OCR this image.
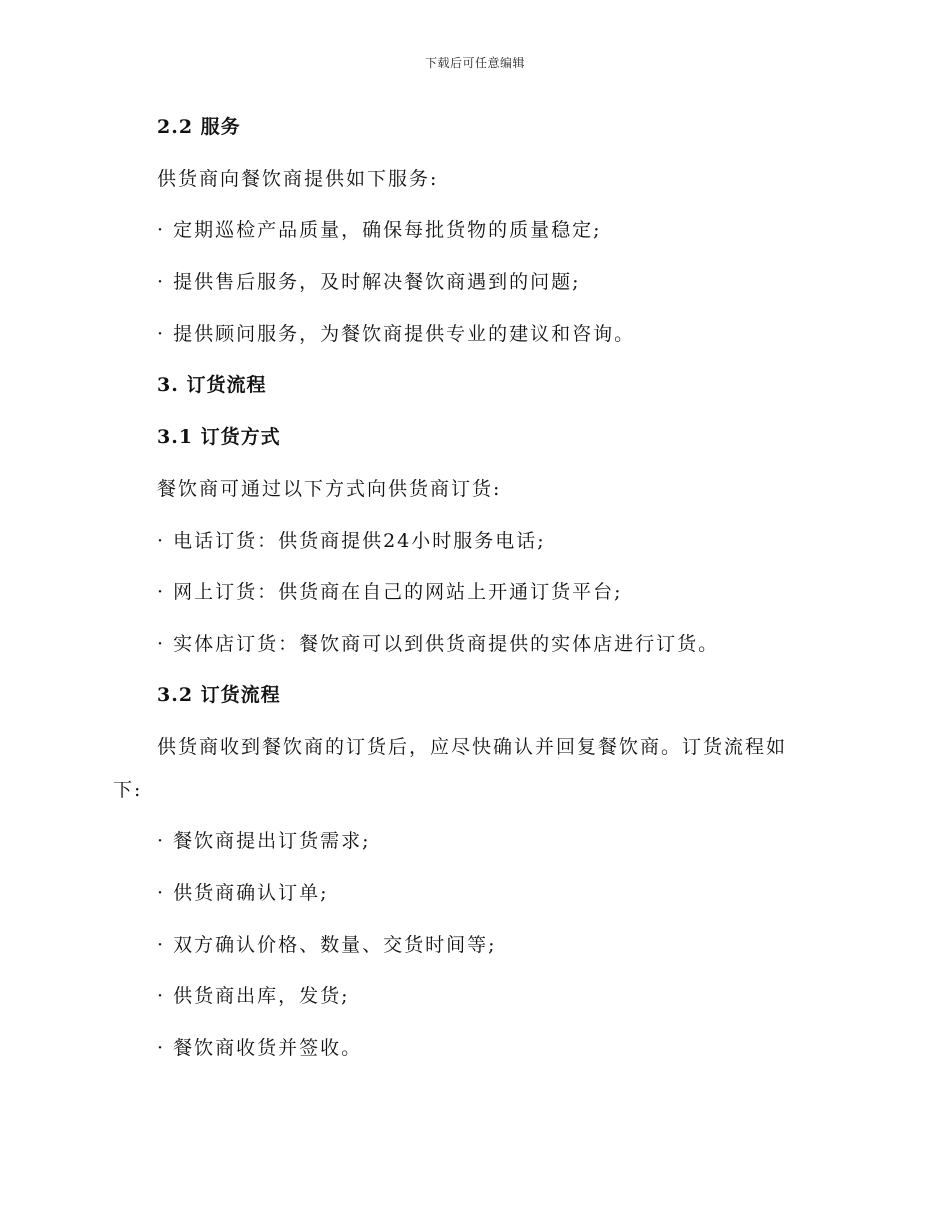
下载后可任意编辑
2.2 服务
供货商向餐饮商提供如下服务:
· 定期巡检产品质量，确保每批货物的质量稳定;
· 提供售后服务，及时解决餐饮商遇到的问题;
· 提供顾问服务，为餐饮商提供专业的建议和咨询。
3. 订货流程
3.1 订货方式
餐饮商可通过以下方式向供货商订货:
· 电话订货：供货商提供24小时服务电话;
· 网上订货：供货商在自己的网站上开通订货平台;
· 实体店订货：餐饮商可以到供货商提供的实体店进行订货。
3.2 订货流程
供货商收到餐饮商的订货后，应尽快确认并回复餐饮商。订货流程如
下:
· 餐饮商提出订货需求;
· 供货商确认订单;
· 双方确认价格、数量、交货时间等;
· 供货商出库，发货;
· 餐饮商收货并签收。
